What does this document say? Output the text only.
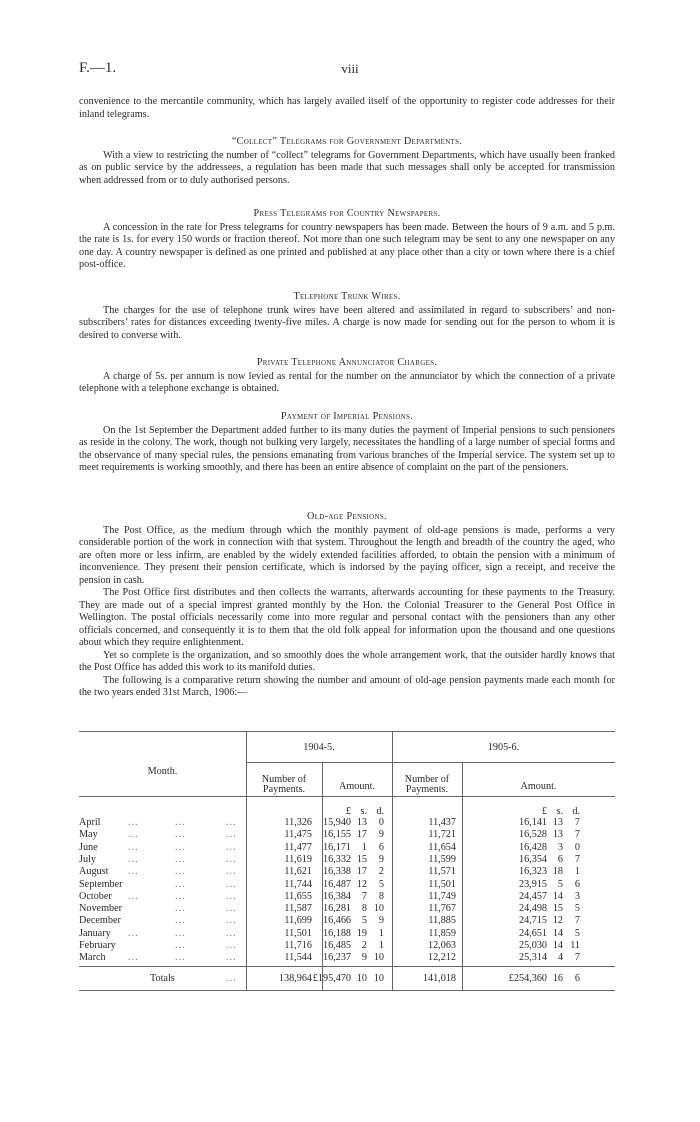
F.—1.	viii

convenience to the mercantile community, which has largely availed itself of the opportunity to register code addresses for their inland telegrams.

“Collect” Telegrams for Government Departments.

With a view to restricting the number of “collect” telegrams for Government Departments, which have usually been franked as on public service by the addressees, a regulation has been made that such messages shall only be accepted for transmission when addressed from or to duly authorised persons.

Press Telegrams for Country Newspapers.

A concession in the rate for Press telegrams for country newspapers has been made. Between the hours of 9 a.m. and 5 p.m. the rate is 1s. for every 150 words or fraction thereof. Not more than one such telegram may be sent to any one newspaper on any one day. A country newspaper is defined as one printed and published at any place other than a city or town where there is a chief post-office.

Telephone Trunk Wires.

The charges for the use of telephone trunk wires have been altered and assimilated in regard to subscribers’ and non-subscribers’ rates for distances exceeding twenty-five miles. A charge is now made for sending out for the person to whom it is desired to converse with.

Private Telephone Annunciator Charges.

A charge of 5s. per annum is now levied as rental for the number on the annunciator by which the connection of a private telephone with a telephone exchange is obtained.

Payment of Imperial Pensions.

On the 1st September the Department added further to its many duties the payment of Imperial pensions to such pensioners as reside in the colony. The work, though not bulking very largely, necessitates the handling of a large number of special forms and the observance of many special rules, the pensions emanating from various branches of the Imperial service. The system set up to meet requirements is working smoothly, and there has been an entire absence of complaint on the part of the pensioners.

Old-age Pensions.

The Post Office, as the medium through which the monthly payment of old-age pensions is made, performs a very considerable portion of the work in connection with that system. Throughout the length and breadth of the country the aged, who are often more or less infirm, are enabled by the widely extended facilities afforded, to obtain the pension with a minimum of inconvenience. They present their pension certificate, which is indorsed by the paying officer, sign a receipt, and receive the pension in cash.

The Post Office first distributes and then collects the warrants, afterwards accounting for these payments to the Treasury. They are made out of a special imprest granted monthly by the Hon. the Colonial Treasurer to the General Post Office in Wellington. The postal officials necessarily come into more regular and personal contact with the pensioners than any other officials concerned, and consequently it is to them that the old folk appeal for information upon the thousand and one questions about which they require enlightenment.

Yet so complete is the organization, and so smoothly does the whole arrangement work, that the outsider hardly knows that the Post Office has added this work to its manifold duties.

The following is a comparative return showing the number and amount of old-age pension payments made each month for the two years ended 31st March, 1906:—

Month.
1904-5.	1905-6.
Number of Payments.
Number of Payments.
Amount.	Amount.
£ s. d.	£ s. d.
April	...	...	...	11,326	15,940 13	0	11,437	16,141 13	7
May	...	...	...	11,475	16,155 17	9	11,721	16,528 13	7
June	...	...	...	11,477	16,171	1	6	11,654	16,428	3	0
July	...	...	...	11,619	16,332 15	9	11,599	16,354	6	7
August ...	...	...	11,621	16,338 17	2	11,571	16,323 18	1
September	...	...	11,744	16,487 12	5	11,501	23,915	5	6
October ...	...	...	11,655	16,384	7	8	11,749	24,457 14	3
November	...	...	11,587	16,281	8 10	11,767	24,498 15	5
December	...	...	11,699	16,466	5	9	11,885	24,715 12	7
January ...	...	...	11,501	16,188 19	1	11,859	24,651 14	5
February	...	...	11,716	16,485	2	1	12,063	25,030 14 11
March ...	...	...	11,544	16,237	9 10	12,212	25,314	4	7
Totals	...	138,964 £195,470 10 10	141,018	£254,360 16	6
